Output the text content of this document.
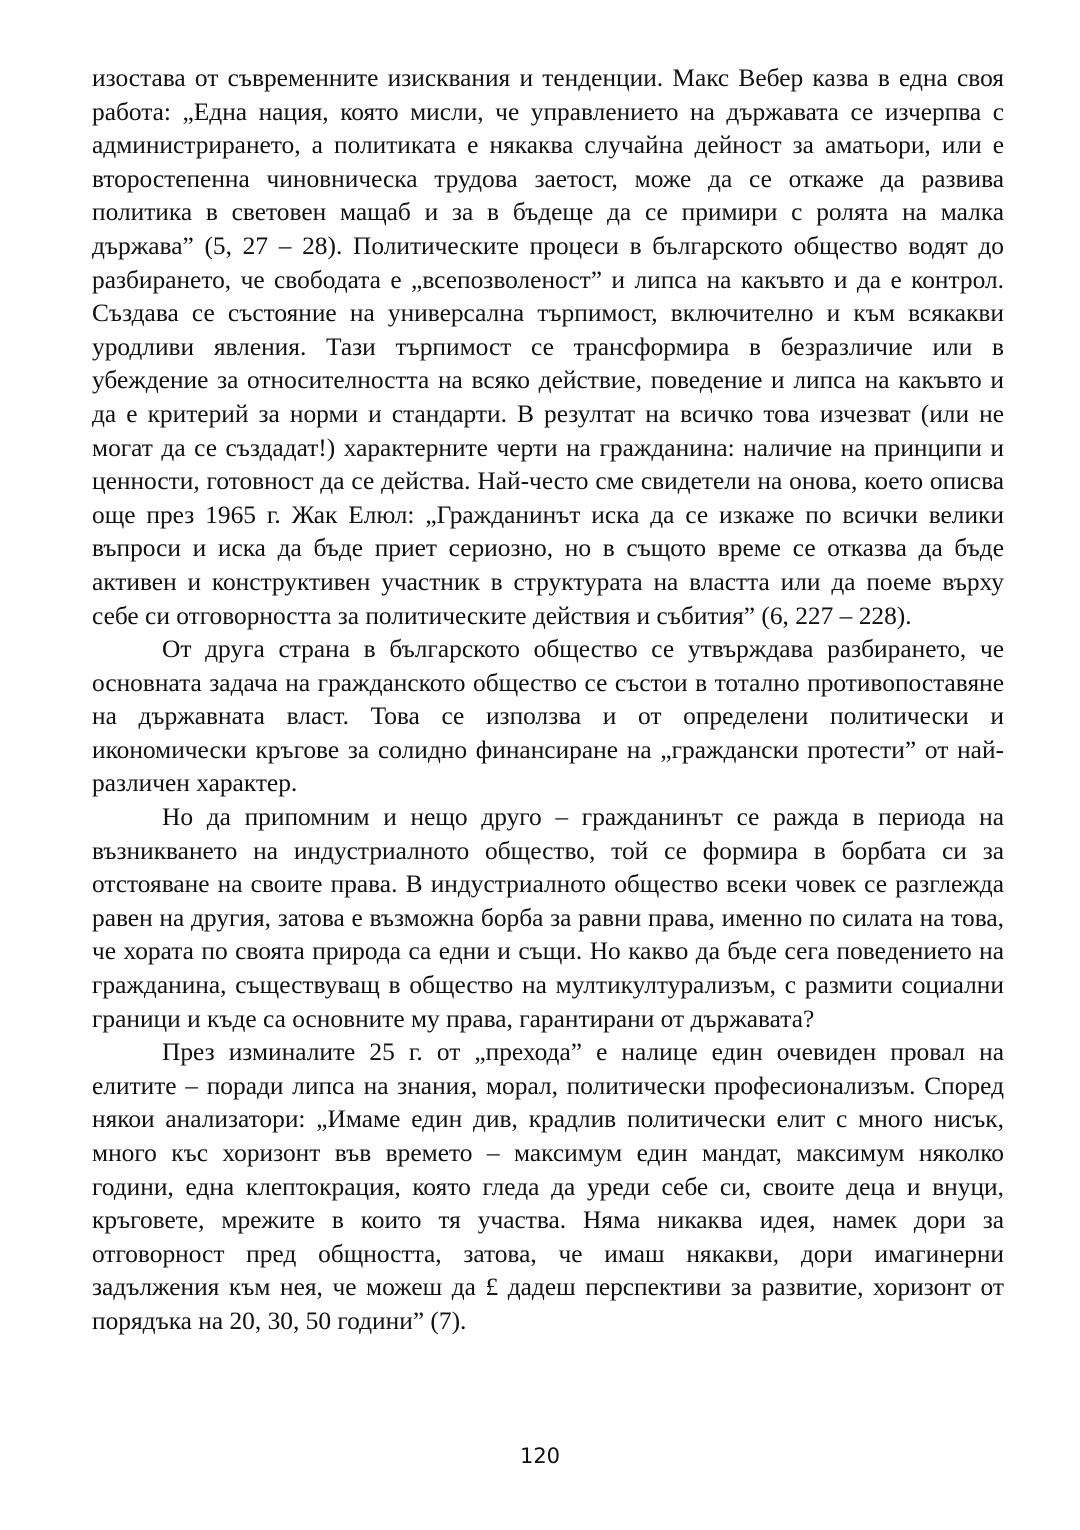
изостава от съвременните изисквания и тенденции. Макс Вебер казва в една своя работа: „Една нация, която мисли, че управлението на държавата се изчерпва с администрирането, а политиката е някаква случайна дейност за аматьори, или е второстепенна чиновническа трудова заетост, може да се откаже да развива политика в световен мащаб и за в бъдеще да се примири с ролята на малка държава” (5, 27 – 28). Политическите процеси в българското общество водят до разбирането, че свободата е „всепозволеност” и липса на какъвто и да е контрол. Създава се състояние на универсална търпимост, включително и към всякакви уродливи явления. Тази търпимост се трансформира в безразличие или в убеждение за относителността на всяко действие, поведение и липса на какъвто и да е критерий за норми и стандарти. В резултат на всичко това изчезват (или не могат да се създадат!) характерните черти на гражданина: наличие на принципи и ценности, готовност да се действа. Най-често сме свидетели на онова, което описва още през 1965 г. Жак Елюл: „Гражданинът иска да се изкаже по всички велики въпроси и иска да бъде приет сериозно, но в същото време се отказва да бъде активен и конструктивен участник в структурата на властта или да поеме върху себе си отговорността за политическите действия и събития” (6, 227 – 228).

От друга страна в българското общество се утвърждава разбирането, че основната задача на гражданското общество се състои в тотално противопоставяне на държавната власт. Това се използва и от определени политически и икономически кръгове за солидно финансиране на „граждански протести” от най-различен характер.

Но да припомним и нещо друго – гражданинът се ражда в периода на възникването на индустриалното общество, той се формира в борбата си за отстояване на своите права. В индустриалното общество всеки човек се разглежда равен на другия, затова е възможна борба за равни права, именно по силата на това, че хората по своята природа са едни и същи. Но какво да бъде сега поведението на гражданина, съществуващ в общество на мултикултурализъм, с размити социални граници и къде са основните му права, гарантирани от държавата?

През изминалите 25 г. от „прехода” е налице един очевиден провал на елитите – поради липса на знания, морал, политически професионализъм. Според някои анализатори: „Имаме един див, крадлив политически елит с много нисък, много къс хоризонт във времето – максимум един мандат, максимум няколко години, една клептокрация, която гледа да уреди себе си, своите деца и внуци, кръговете, мрежите в които тя участва. Няма никаква идея, намек дори за отговорност пред общността, затова, че имаш някакви, дори имагинерни задължения към нея, че можеш да £ дадеш перспективи за развитие, хоризонт от порядъка на 20, 30, 50 години” (7).

120
